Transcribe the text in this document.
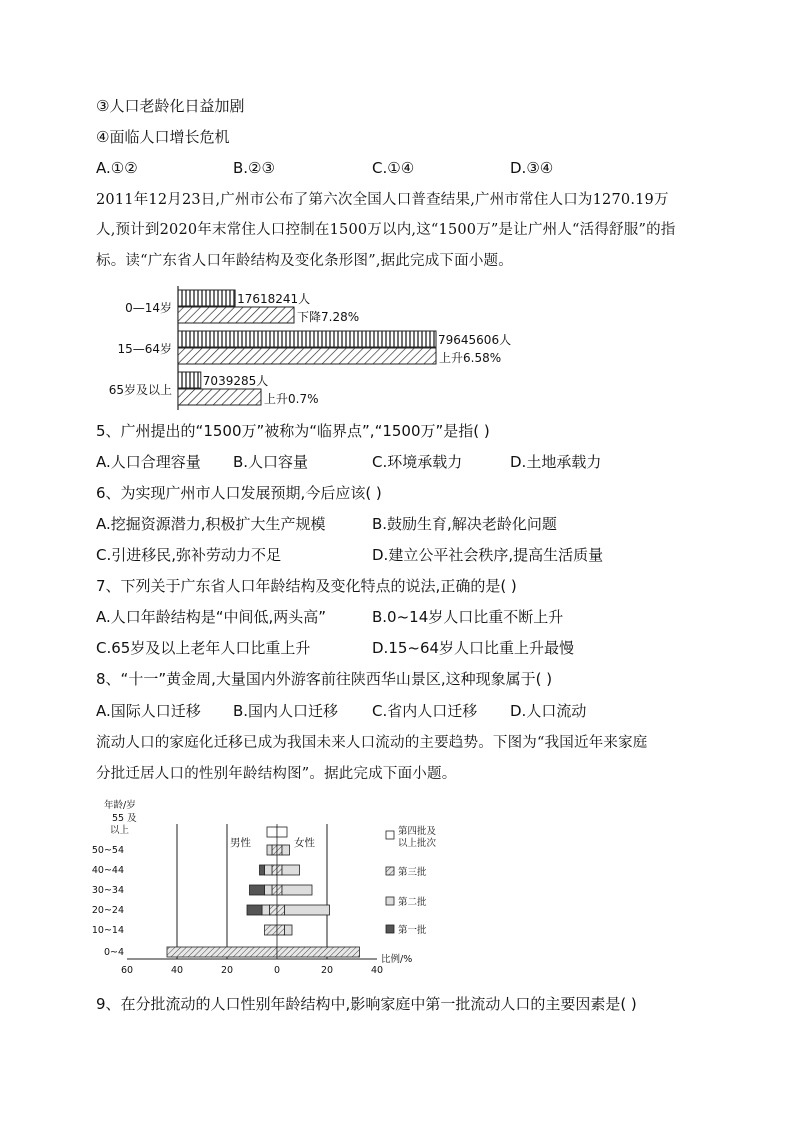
③人口老龄化日益加剧
④面临人口增长危机
A.①②	B.②③	C.①④	D.③④
2011年12月23日,广州市公布了第六次全国人口普查结果,广州市常住人口为1270.19万
人,预计到2020年末常住人口控制在1500万以内,这“1500万”是让广州人“活得舒服”的指
标。读“广东省人口年龄结构及变化条形图”,据此完成下面小题。
0—14岁
17618241人
下降7.28%
15—64岁
79645606人
上升6.58%
65岁及以上
7039285人
上升0.7%
5、广州提出的“1500万”被称为“临界点”,“1500万”是指( )
A.人口合理容量 B.人口容量	C.环境承载力	D.土地承载力
6、为实现广州市人口发展预期,今后应该( )
A.挖掘资源潜力,积极扩大生产规模	B.鼓励生育,解决老龄化问题
C.引进移民,弥补劳动力不足	D.建立公平社会秩序,提高生活质量
7、下列关于广东省人口年龄结构及变化特点的说法,正确的是( )
A.人口年龄结构是“中间低,两头高”	B.0~14岁人口比重不断上升
C.65岁及以上老年人口比重上升	D.15~64岁人口比重上升最慢
8、“十一”黄金周,大量国内外游客前往陕西华山景区,这种现象属于( )
A.国际人口迁移 B.国内人口迁移 C.省内人口迁移 D.人口流动
流动人口的家庭化迁移已成为我国未来人口流动的主要趋势。下图为“我国近年来家庭
分批迁居人口的性别年龄结构图”。据此完成下面小题。
60	40	20	0	20	40
比例/%
年龄/岁
0~4
10~14
20~24
30~34
40~44
50~54
55 及
以上
男性	女性
第四批及
以上批次
第三批
第二批
第一批
9、在分批流动的人口性别年龄结构中,影响家庭中第一批流动人口的主要因素是( )
